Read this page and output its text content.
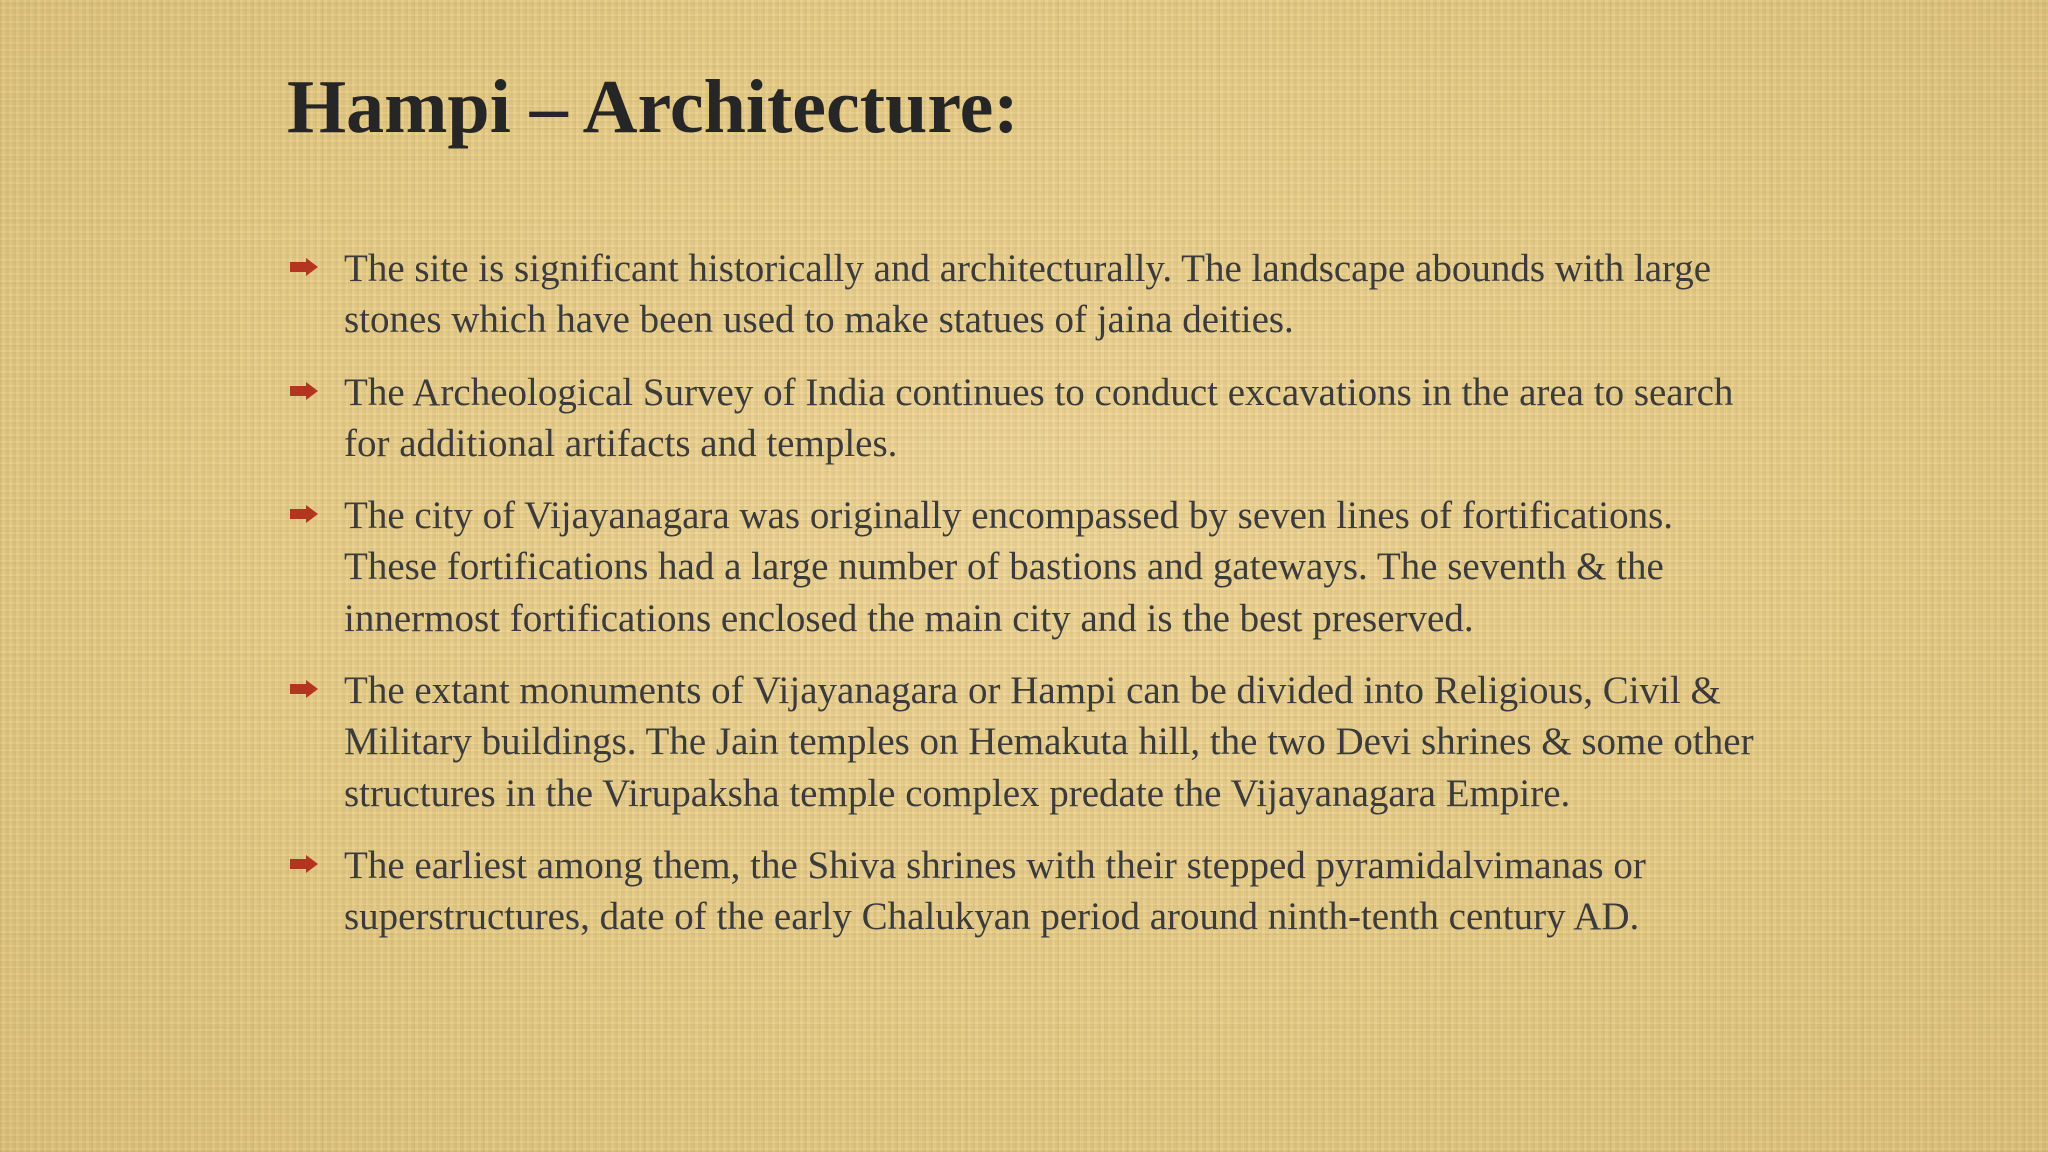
Hampi – Architecture:
The site is significant historically and architecturally. The landscape abounds with large stones which have been used to make statues of jaina deities.
The Archeological Survey of India continues to conduct excavations in the area to search for additional artifacts and temples.
The city of Vijayanagara was originally encompassed by seven lines of fortifications. These fortifications had a large number of bastions and gateways. The seventh & the innermost fortifications enclosed the main city and is the best preserved.
The extant monuments of Vijayanagara or Hampi can be divided into Religious, Civil & Military buildings. The Jain temples on Hemakuta hill, the two Devi shrines & some other structures in the Virupaksha temple complex predate the Vijayanagara Empire.
The earliest among them, the Shiva shrines with their stepped pyramidalvimanas or superstructures, date of the early Chalukyan period around ninth-tenth century AD.
